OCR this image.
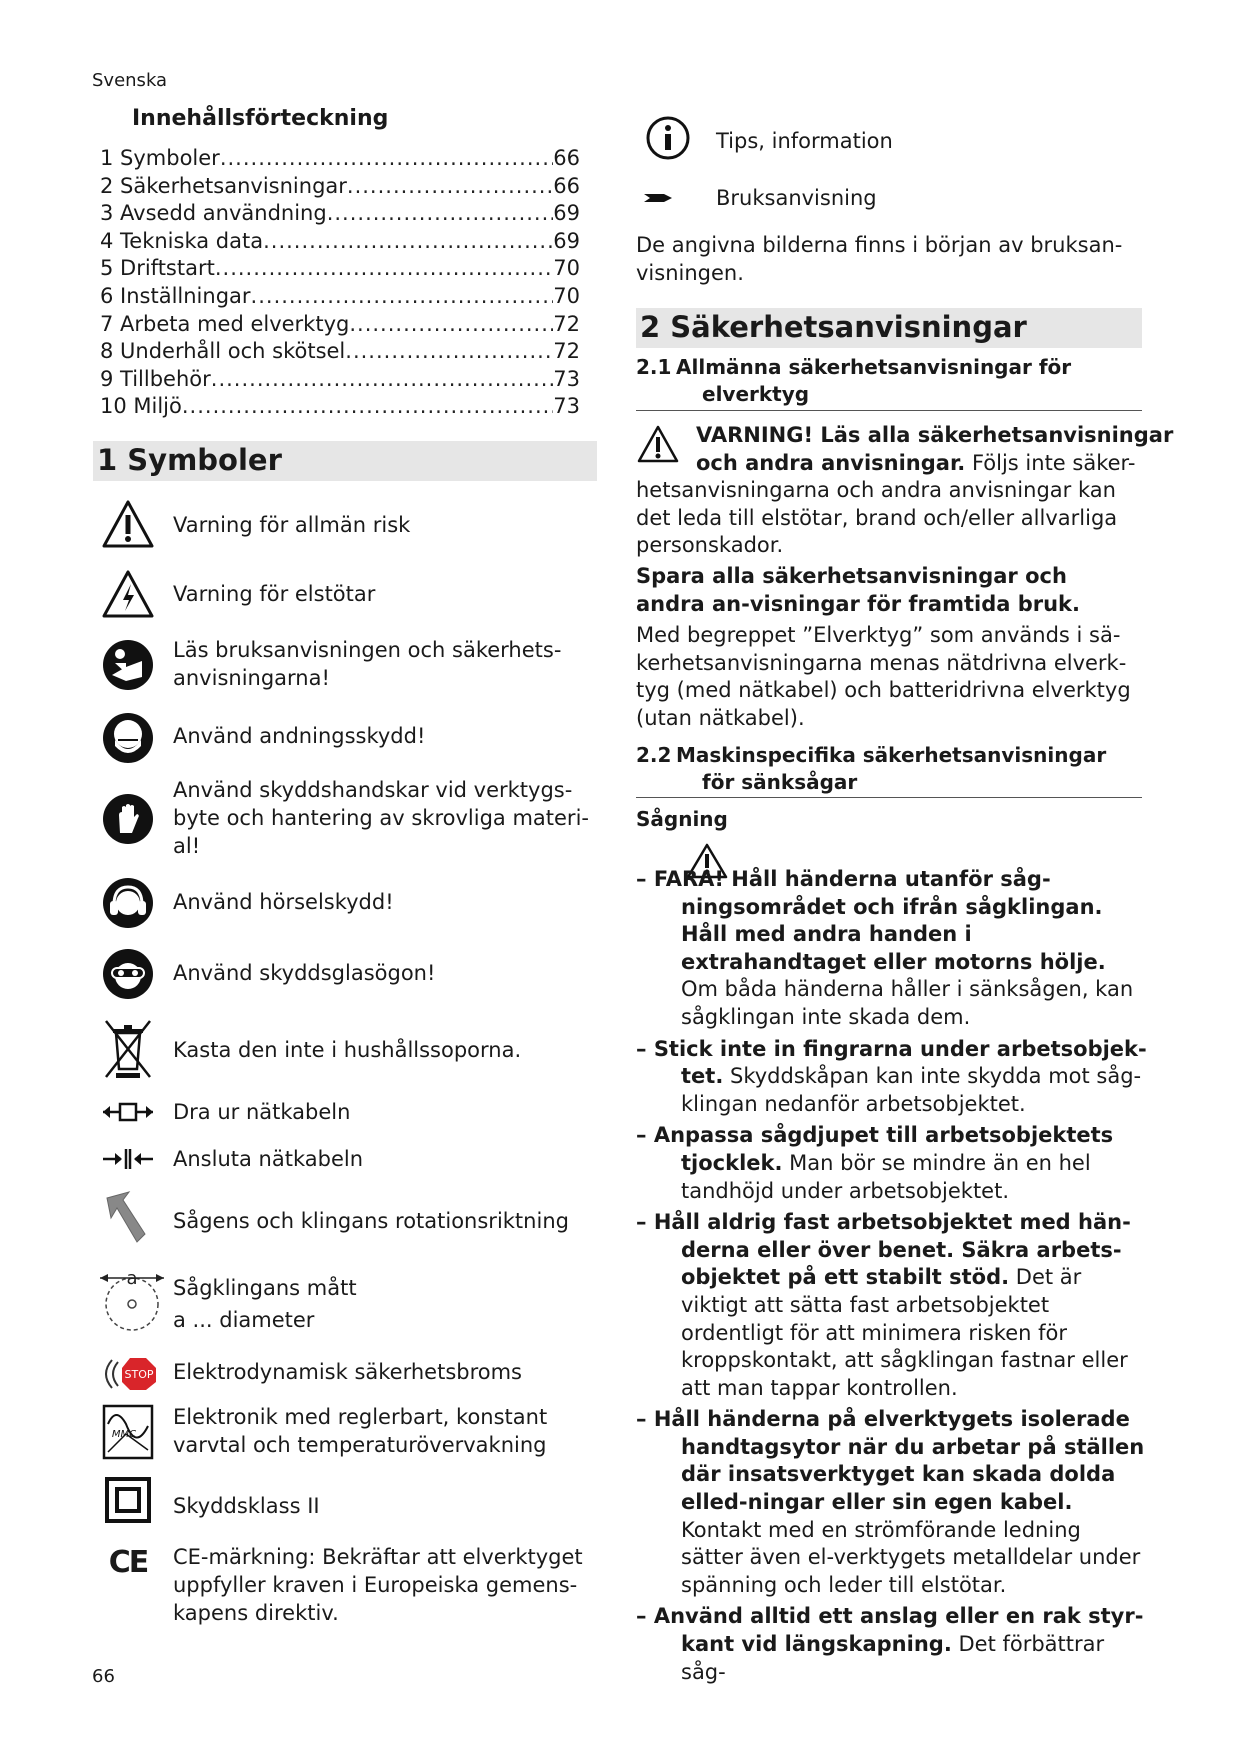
Svenska
66
Innehållsförteckning
1 Symboler .....	66
2 Säkerhetsanvisningar .....	66
3 Avsedd användning .....	69
4 Tekniska data .....	69
5 Driftstart .....	70
6 Inställningar .....	70
7 Arbeta med elverktyg .....	72
8 Underhåll och skötsel .....	72
9 Tillbehör .....	73
10 Miljö .....	73
1 Symboler
Varning för allmän risk
Varning för elstötar
Läs bruksanvisningen och säkerhets-anvisningarna!
Använd andningsskydd!
Använd skyddshandskar vid verktygs-byte och hantering av skrovliga materi-al!
Använd hörselskydd!
Använd skyddsglasögon!
Kasta den inte i hushållssoporna.
Dra ur nätkabeln
Ansluta nätkabeln
Sågens och klingans rotationsriktning
a Sågklingans mått
a ... diameter
STOP Elektrodynamisk säkerhetsbroms
MMC
Elektronik med reglerbart, konstant varvtal och temperaturövervakning
Skyddsklass II
CE CE-märkning: Bekräftar att elverktyget uppfyller kraven i Europeiska gemens-kapens direktiv.
Tips, information
Bruksanvisning
De angivna bilderna finns i början av bruksan-visningen.
2 Säkerhetsanvisningar
2.1 Allmänna säkerhetsanvisningar för
elverktyg
VARNING! Läs alla säkerhetsanvisningar
och andra anvisningar. Följs inte säker-
hetsanvisningarna och andra anvisningar kan det leda till elstötar, brand och/eller allvarliga personskador.
Spara alla säkerhetsanvisningar och andra an-visningar för framtida bruk.
Med begreppet ”Elverktyg” som används i sä-kerhetsanvisningarna menas nätdrivna elverk-tyg (med nätkabel) och batteridrivna elverktyg (utan nätkabel).
2.2 Maskinspecifika säkerhetsanvisningar
för sänksågar
Sågning
– FARA! Håll händerna utanför såg-ningsområdet och ifrån sågklingan. Håll med andra handen i extrahandtaget eller motorns hölje. Om båda händerna håller i sänksågen, kan sågklingan inte skada dem.
– Stick inte in fingrarna under arbetsobjek-tet. Skyddskåpan kan inte skydda mot såg-klingan nedanför arbetsobjektet.
– Anpassa sågdjupet till arbetsobjektets tjocklek. Man bör se mindre än en hel tandhöjd under arbetsobjektet.
– Håll aldrig fast arbetsobjektet med hän-derna eller över benet. Säkra arbets-objektet på ett stabilt stöd. Det är viktigt att sätta fast arbetsobjektet ordentligt för att minimera risken för kroppskontakt, att sågklingan fastnar eller att man tappar kontrollen.
– Håll händerna på elverktygets isolerade handtagsytor när du arbetar på ställen där insatsverktyget kan skada dolda elled-ningar eller sin egen kabel. Kontakt med en strömförande ledning sätter även el-verktygets metalldelar under spänning och leder till elstötar.
– Använd alltid ett anslag eller en rak styr-kant vid längskapning. Det förbättrar såg-
